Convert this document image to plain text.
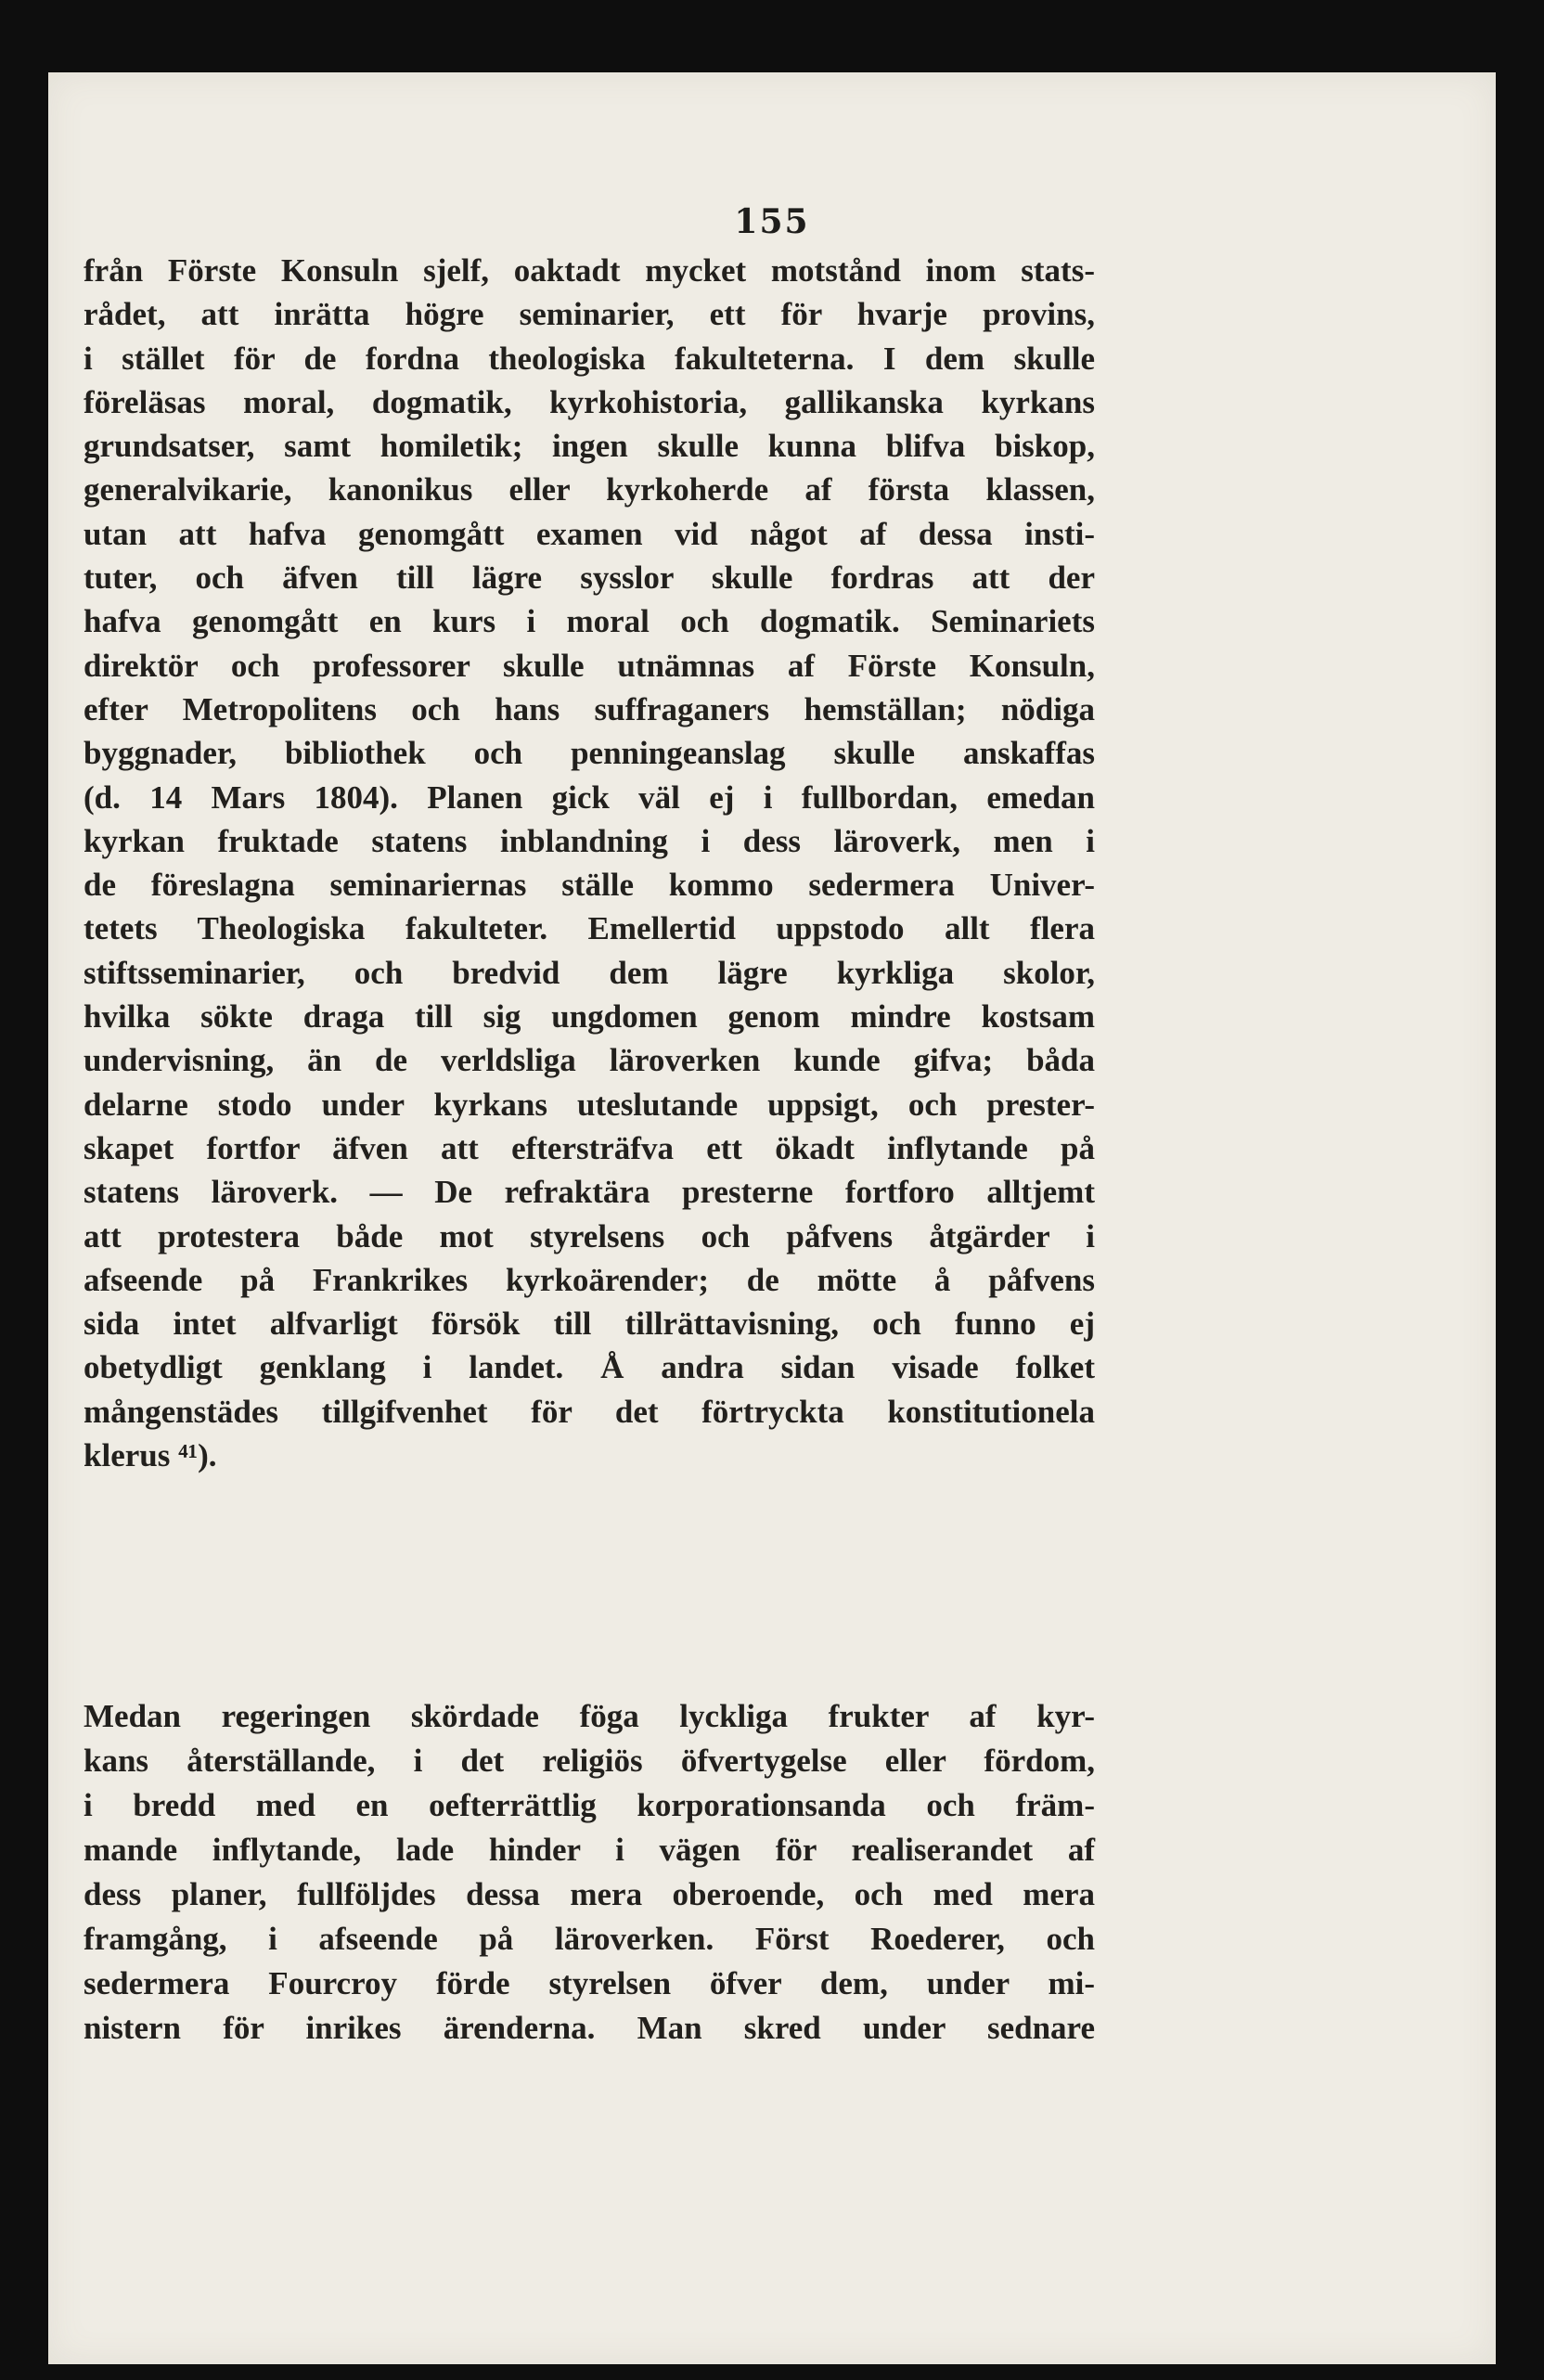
155
från Förste Konsuln sjelf, oaktadt mycket motstånd inom stats-
rådet, att inrätta högre seminarier, ett för hvarje provins,
i stället för de fordna theologiska fakulteterna. I dem skulle
föreläsas moral, dogmatik, kyrkohistoria, gallikanska kyrkans
grundsatser, samt homiletik; ingen skulle kunna blifva biskop,
generalvikarie, kanonikus eller kyrkoherde af första klassen,
utan att hafva genomgått examen vid något af dessa insti-
tuter, och äfven till lägre sysslor skulle fordras att der
hafva genomgått en kurs i moral och dogmatik. Seminariets
direktör och professorer skulle utnämnas af Förste Konsuln,
efter Metropolitens och hans suffraganers hemställan; nödiga
byggnader, bibliothek och penningeanslag skulle anskaffas
(d. 14 Mars 1804). Planen gick väl ej i fullbordan, emedan
kyrkan fruktade statens inblandning i dess läroverk, men i
de föreslagna seminariernas ställe kommo sedermera Univer-
tetets Theologiska fakulteter. Emellertid uppstodo allt flera
stiftsseminarier, och bredvid dem lägre kyrkliga skolor,
hvilka sökte draga till sig ungdomen genom mindre kostsam
undervisning, än de verldsliga läroverken kunde gifva; båda
delarne stodo under kyrkans uteslutande uppsigt, och prester-
skapet fortfor äfven att eftersträfva ett ökadt inflytande på
statens läroverk. — De refraktära presterne fortforo alltjemt
att protestera både mot styrelsens och påfvens åtgärder i
afseende på Frankrikes kyrkoärender; de mötte å påfvens
sida intet alfvarligt försök till tillrättavisning, och funno ej
obetydligt genklang i landet. Å andra sidan visade folket
mångenstädes tillgifvenhet för det förtryckta konstitutionela
klerus ⁴¹).
Medan regeringen skördade föga lyckliga frukter af kyr-
kans återställande, i det religiös öfvertygelse eller fördom,
i bredd med en oefterrättlig korporationsanda och främ-
mande inflytande, lade hinder i vägen för realiserandet af
dess planer, fullföljdes dessa mera oberoende, och med mera
framgång, i afseende på läroverken. Först Roederer, och
sedermera Fourcroy förde styrelsen öfver dem, under mi-
nistern för inrikes ärenderna. Man skred under sednare
